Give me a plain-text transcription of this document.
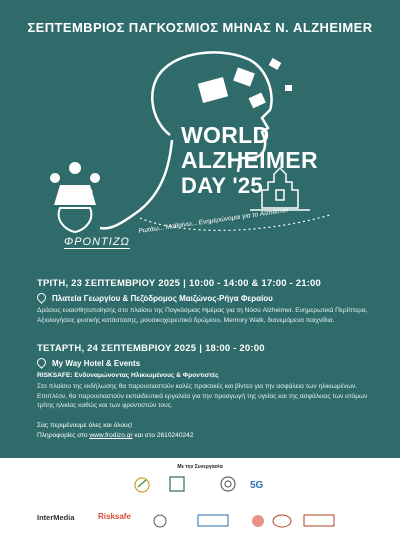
ΣΕΠΤΕΜΒΡΙΟΣ ΠΑΓΚΟΣΜΙΟΣ ΜΗΝΑΣ Ν. ALZHEIMER
WORLD
ALZHEIMER
DAY '25
ΦΡΟΝΤΙΖΩ
Ρωτάω... Μαθαίνω... Ενημερώνομαι για το Alzheimer
ΤΡΙΤΗ, 23 ΣΕΠΤΕΜΒΡΙΟΥ 2025 | 10:00 - 14:00 & 17:00 - 21:00
Πλατεία Γεωργίου & Πεζόδρομος Μαιζώνος-Ρήγα Φεραίου
Δράσεις ευαισθητοποίησης στο πλαίσιο της Παγκόσμιας Ημέρας για τη Νόσο Alzheimer. Ενημερωτικά Περίπτερα, Αξιολογήσεις φυσικής κατάστασης, μουσικοχορευτικό δρώμενο, Memory Walk, διανεμόμενα παιχνίδια.
ΤΕΤΑΡΤΗ, 24 ΣΕΠΤΕΜΒΡΙΟΥ 2025 | 18:00 - 20:00
My Way Hotel & Events
RISKSAFE: Ενδυναμώνοντας Ηλικιωμένους & Φροντιστές
Στο πλαίσιο της εκδήλωσης θα παρουσιαστούν καλές πρακτικές και βίντεο για την ασφάλεια των ηλικιωμένων. Επιπλέον, θα παρουσιαστούν εκπαιδευτικά εργαλεία για την προαγωγή της υγείας και της ασφάλειας των ατόμων τρίτης ηλικίας καθώς και των φροντιστών τους.
Σας περιμένουμε όλες και όλους!
Πληροφορίες στο www.frodizo.gr και στο 2610240242
Με την Συνεργασία
5G
InterMedia	Risksafe
